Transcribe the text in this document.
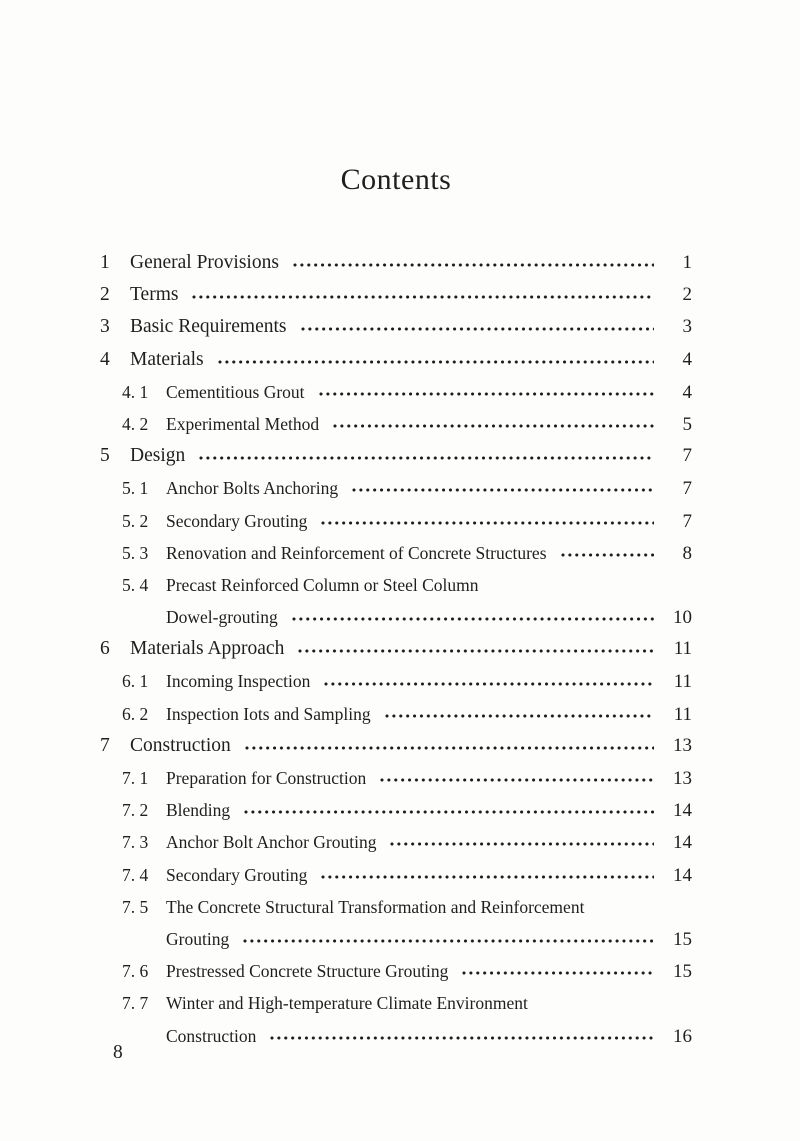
Contents
1	General Provisions	1
2	Terms	2
3	Basic Requirements	3
4	Materials	4
4. 1	Cementitious Grout	4
4. 2	Experimental Method	5
5	Design	7
5. 1	Anchor Bolts Anchoring	7
5. 2	Secondary Grouting	7
5. 3	Renovation and Reinforcement of Concrete Structures	8
5. 4	Precast Reinforced Column or Steel Column
Dowel-grouting	10
6	Materials Approach	11
6. 1	Incoming Inspection	11
6. 2	Inspection Iots and Sampling	11
7	Construction	13
7. 1	Preparation for Construction	13
7. 2	Blending	14
7. 3	Anchor Bolt Anchor Grouting	14
7. 4	Secondary Grouting	14
7. 5	The Concrete Structural Transformation and Reinforcement
Grouting	15
7. 6	Prestressed Concrete Structure Grouting	15
7. 7	Winter and High-temperature Climate Environment
Construction	16
8
